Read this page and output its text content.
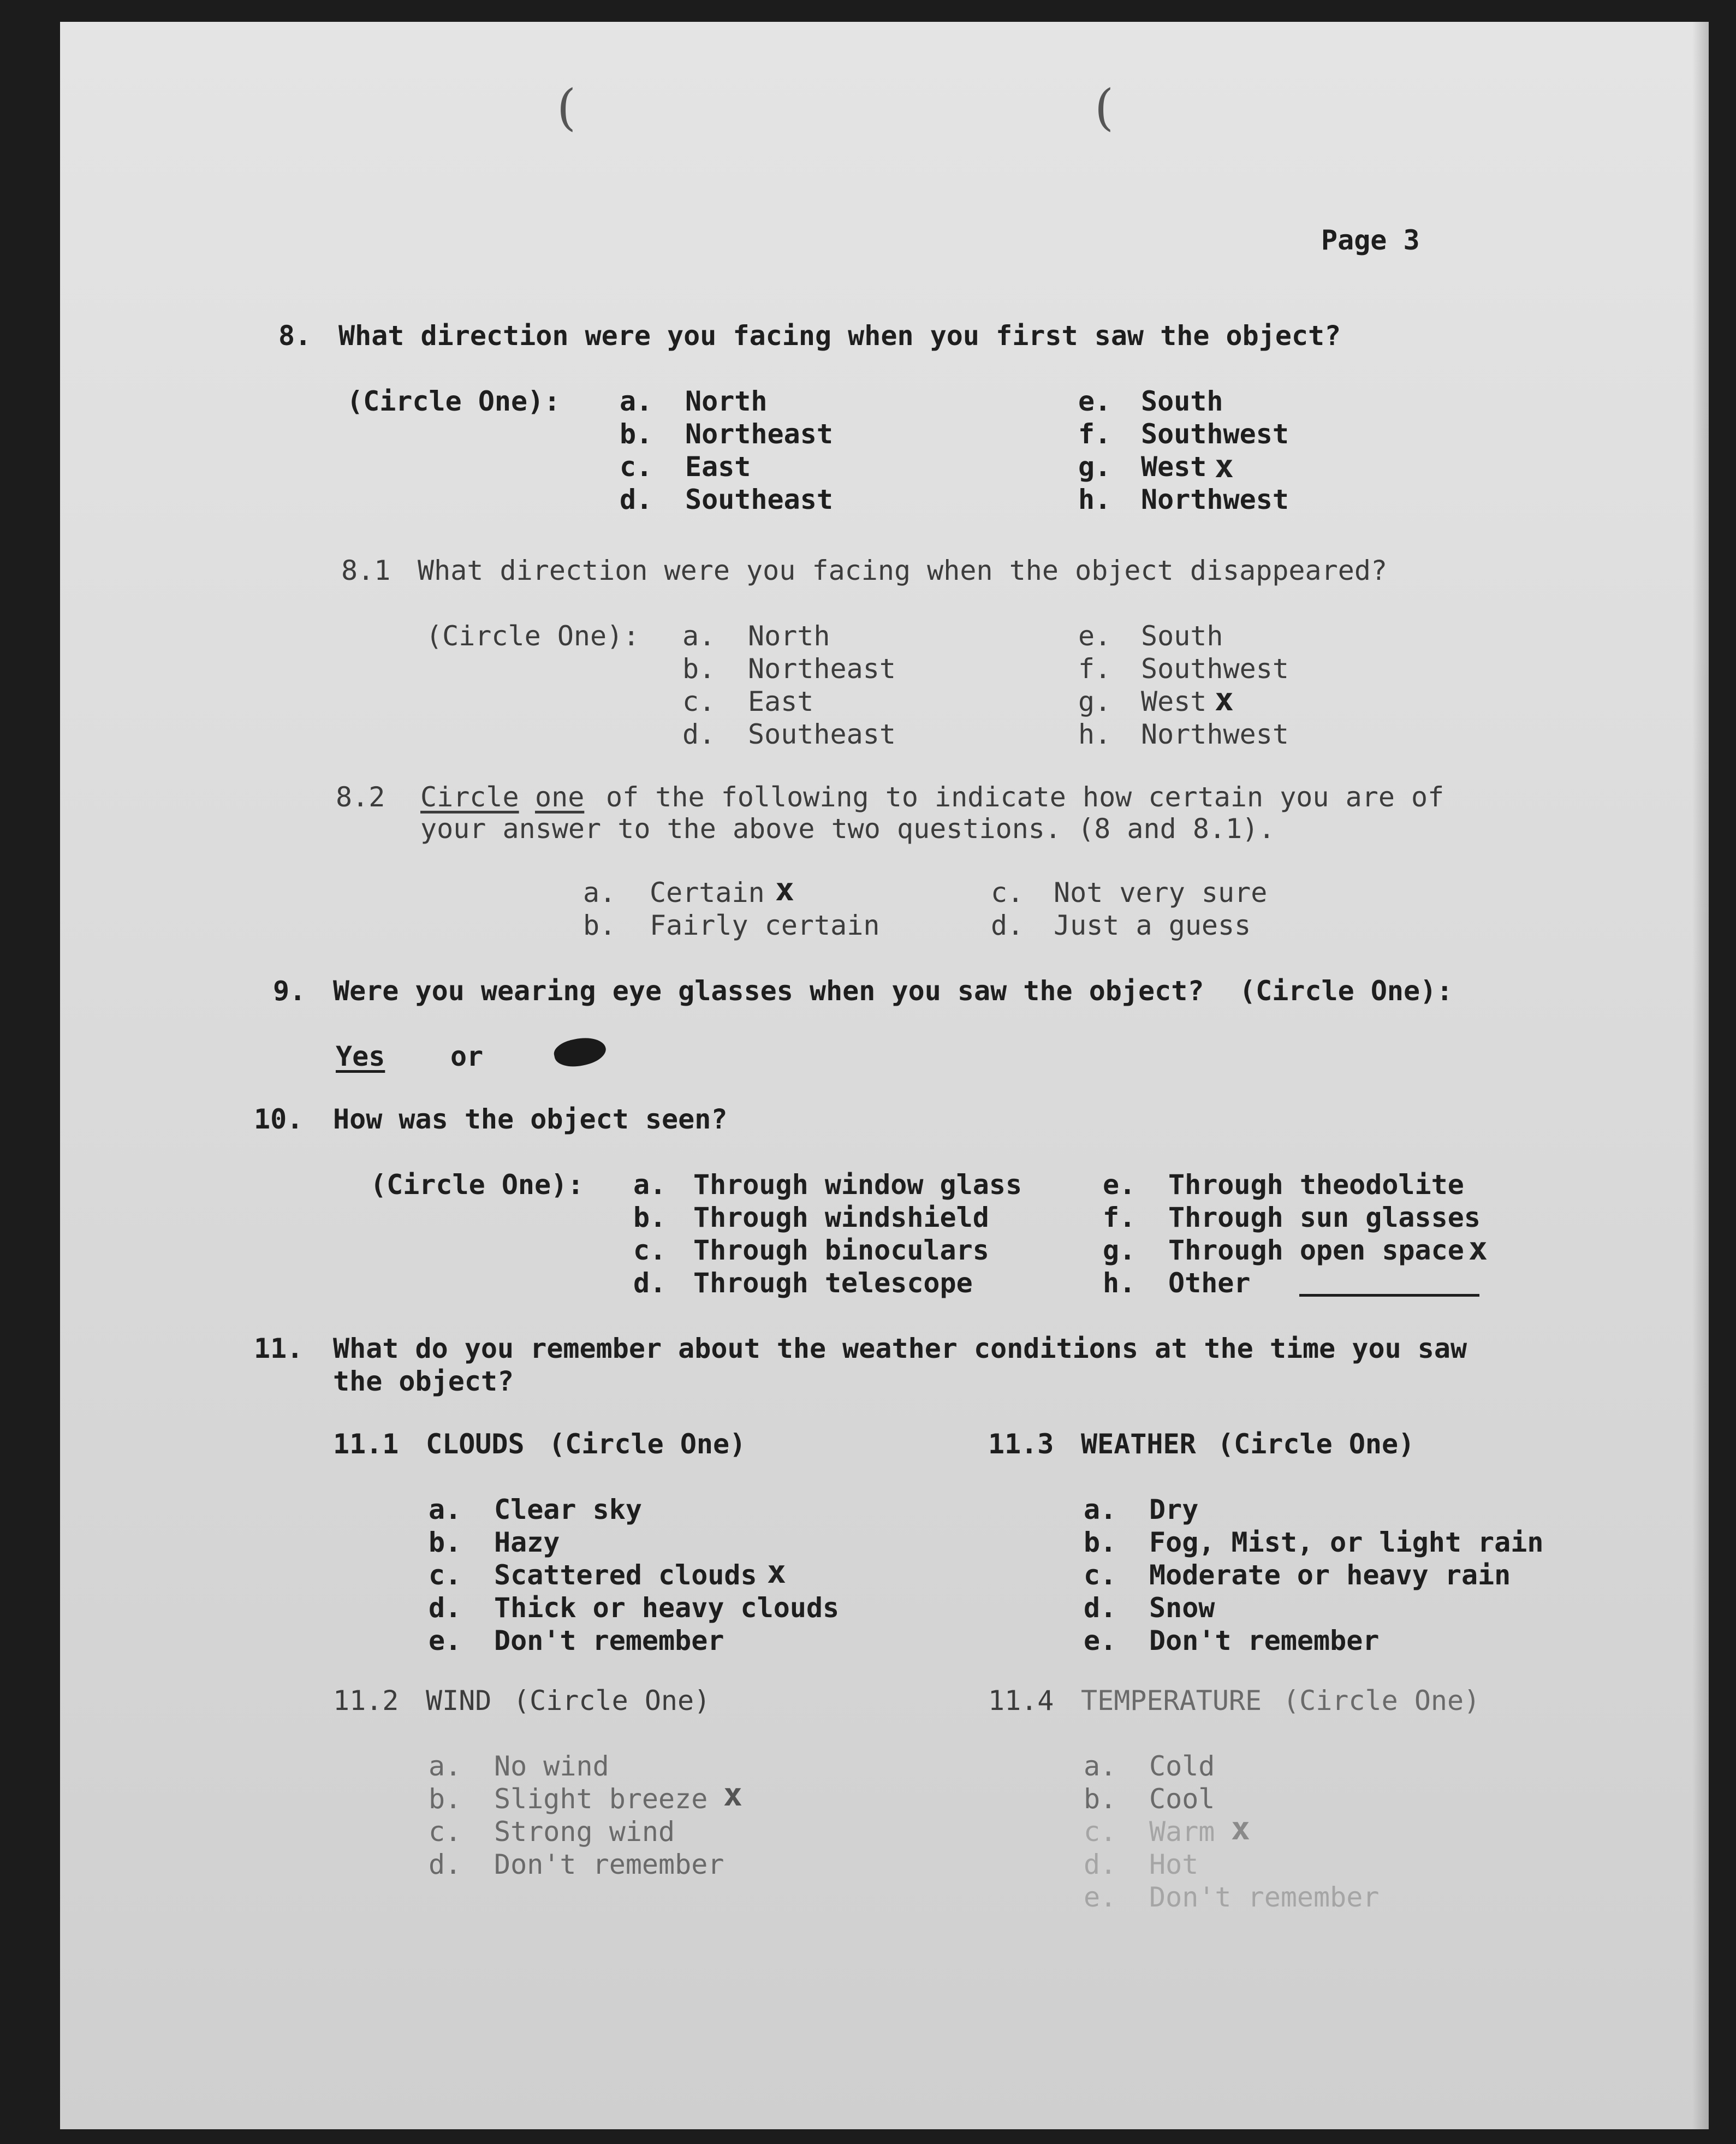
(	(
Page 3
8. What direction were you facing when you first saw the object?
(Circle One): a. North
b. Northeast
c. East
d. Southeast
e. South
f. Southwest
g. West x
h. Northwest
8.1 What direction were you facing when the object disappeared?
(Circle One): a. North
b. Northeast
c. East
d. Southeast
e. South
f. Southwest
g. West x
h. Northwest
8.2 Circle one of the following to indicate how certain you are of
your answer to the above two questions. (8 and 8.1).
a. Certain x
b. Fairly certain
c. Not very sure
d. Just a guess
9. Were you wearing eye glasses when you saw the object? (Circle One):
Yes or
10. How was the object seen?
(Circle One): a. Through window glass
b. Through windshield
c. Through binoculars
d. Through telescope
e. Through theodolite
f. Through sun glasses
g. Through open space x
h. Other
11. What do you remember about the weather conditions at the time you saw
the object?
11.1 CLOUDS (Circle One)
a. Clear sky
b. Hazy
c. Scattered clouds x
d. Thick or heavy clouds
e. Don't remember
11.3 WEATHER (Circle One)
a. Dry
b. Fog, Mist, or light rain
c. Moderate or heavy rain
d. Snow
e. Don't remember
11.2 WIND (Circle One)
a. No wind
b. Slight breeze x
c. Strong wind
d. Don't remember
11.4 TEMPERATURE (Circle One)
a. Cold
b. Cool
c. Warm x
d. Hot
e. Don't remember
